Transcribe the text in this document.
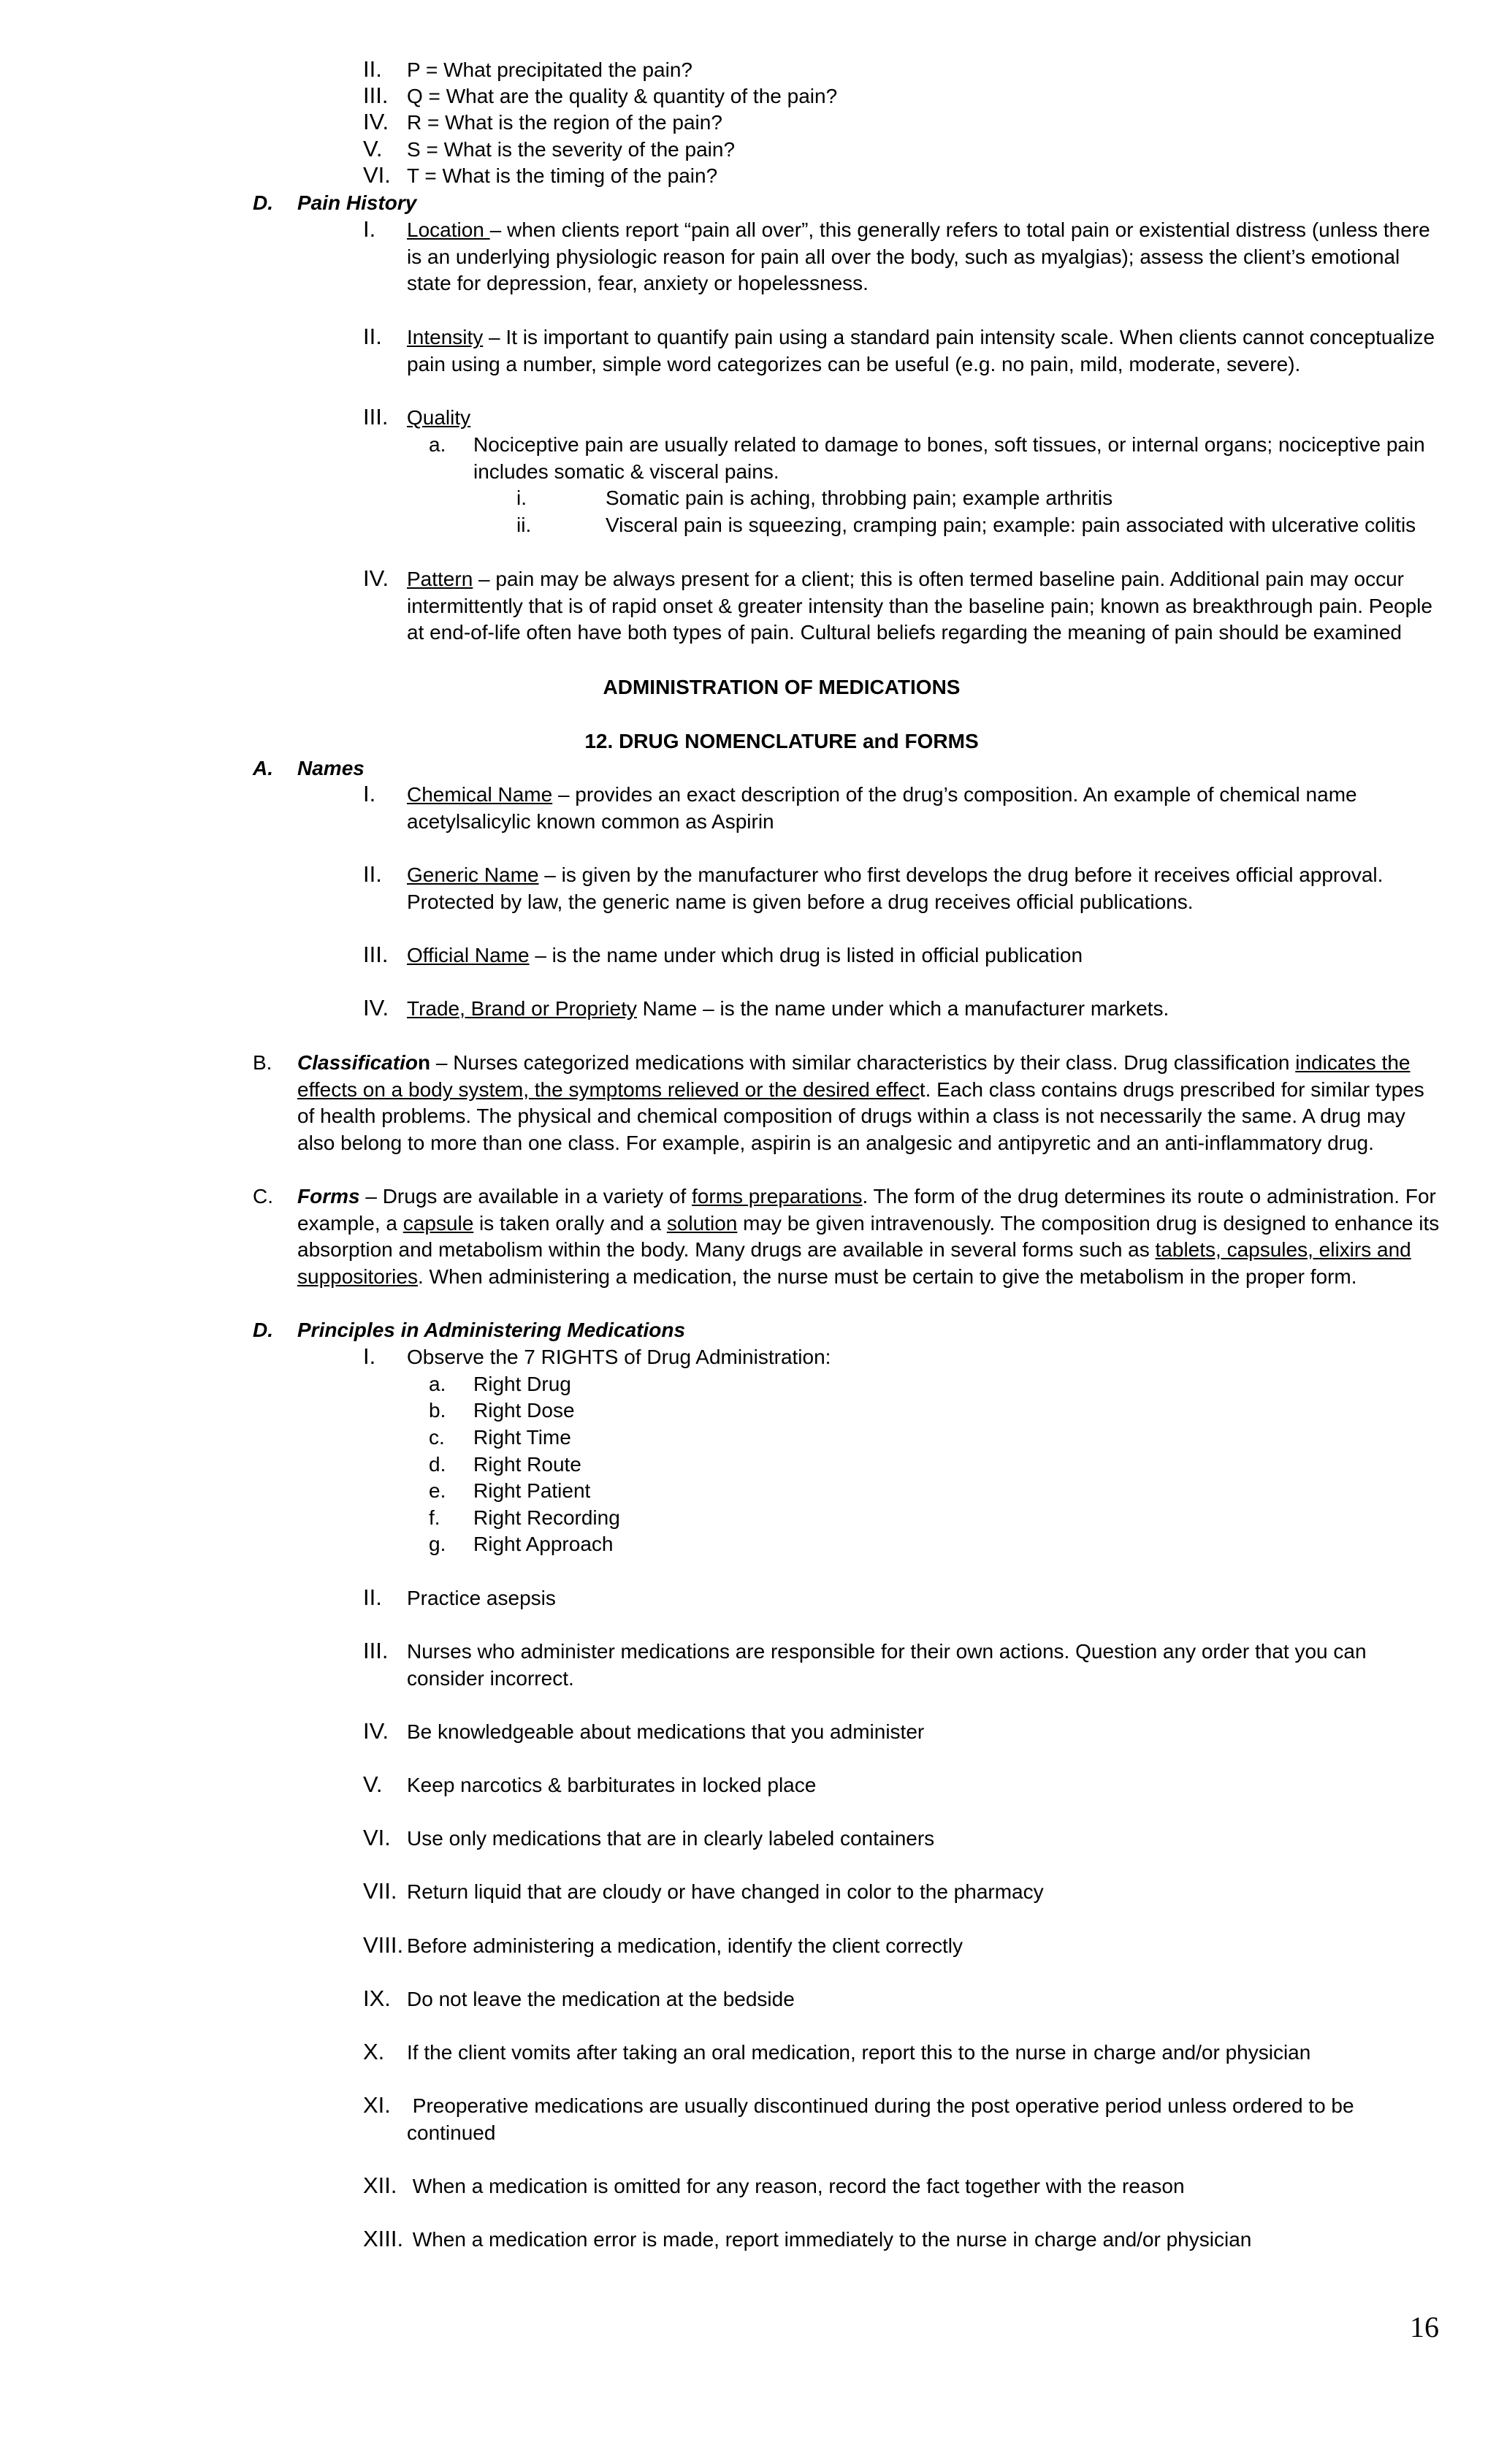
II. P = What precipitated the pain?
III. Q = What are the quality & quantity of the pain?
IV. R = What is the region of the pain?
V. S = What is the severity of the pain?
VI. T = What is the timing of the pain?
D. Pain History
I. Location – when clients report “pain all over”, this generally refers to total pain or existential distress (unless there is an underlying physiologic reason for pain all over the body, such as myalgias); assess the client’s emotional state for depression, fear, anxiety or hopelessness.
II. Intensity – It is important to quantify pain using a standard pain intensity scale. When clients cannot conceptualize pain using a number, simple word categorizes can be useful (e.g. no pain, mild, moderate, severe).
III. Quality
a. Nociceptive pain are usually related to damage to bones, soft tissues, or internal organs; nociceptive pain includes somatic & visceral pains.
i.	Somatic pain is aching, throbbing pain; example arthritis
ii.	Visceral pain is squeezing, cramping pain; example: pain associated with ulcerative colitis
IV. Pattern – pain may be always present for a client; this is often termed baseline pain. Additional pain may occur intermittently that is of rapid onset & greater intensity than the baseline pain; known as breakthrough pain. People at end-of-life often have both types of pain. Cultural beliefs regarding the meaning of pain should be examined
ADMINISTRATION OF MEDICATIONS
12. DRUG NOMENCLATURE and FORMS
A. Names
I. Chemical Name – provides an exact description of the drug’s composition. An example of chemical name acetylsalicylic known common as Aspirin
II. Generic Name – is given by the manufacturer who first develops the drug before it receives official approval. Protected by law, the generic name is given before a drug receives official publications.
III. Official Name – is the name under which drug is listed in official publication
IV. Trade, Brand or Propriety Name – is the name under which a manufacturer markets.
B. Classification – Nurses categorized medications with similar characteristics by their class. Drug classification indicates the effects on a body system, the symptoms relieved or the desired effect. Each class contains drugs prescribed for similar types of health problems. The physical and chemical composition of drugs within a class is not necessarily the same. A drug may also belong to more than one class. For example, aspirin is an analgesic and antipyretic and an anti-inflammatory drug.
C. Forms – Drugs are available in a variety of forms preparations. The form of the drug determines its route o administration. For example, a capsule is taken orally and a solution may be given intravenously. The composition drug is designed to enhance its absorption and metabolism within the body. Many drugs are available in several forms such as tablets, capsules, elixirs and suppositories. When administering a medication, the nurse must be certain to give the metabolism in the proper form.
D. Principles in Administering Medications
I. Observe the 7 RIGHTS of Drug Administration:
a. Right Drug
b. Right Dose
c. Right Time
d. Right Route
e. Right Patient
f. Right Recording
g. Right Approach
II. Practice asepsis
III. Nurses who administer medications are responsible for their own actions. Question any order that you can consider incorrect.
IV. Be knowledgeable about medications that you administer
V. Keep narcotics & barbiturates in locked place
VI. Use only medications that are in clearly labeled containers
VII. Return liquid that are cloudy or have changed in color to the pharmacy
VIII. Before administering a medication, identify the client correctly
IX. Do not leave the medication at the bedside
X. If the client vomits after taking an oral medication, report this to the nurse in charge and/or physician
XI. Preoperative medications are usually discontinued during the post operative period unless ordered to be continued
XII. When a medication is omitted for any reason, record the fact together with the reason
XIII. When a medication error is made, report immediately to the nurse in charge and/or physician
16
